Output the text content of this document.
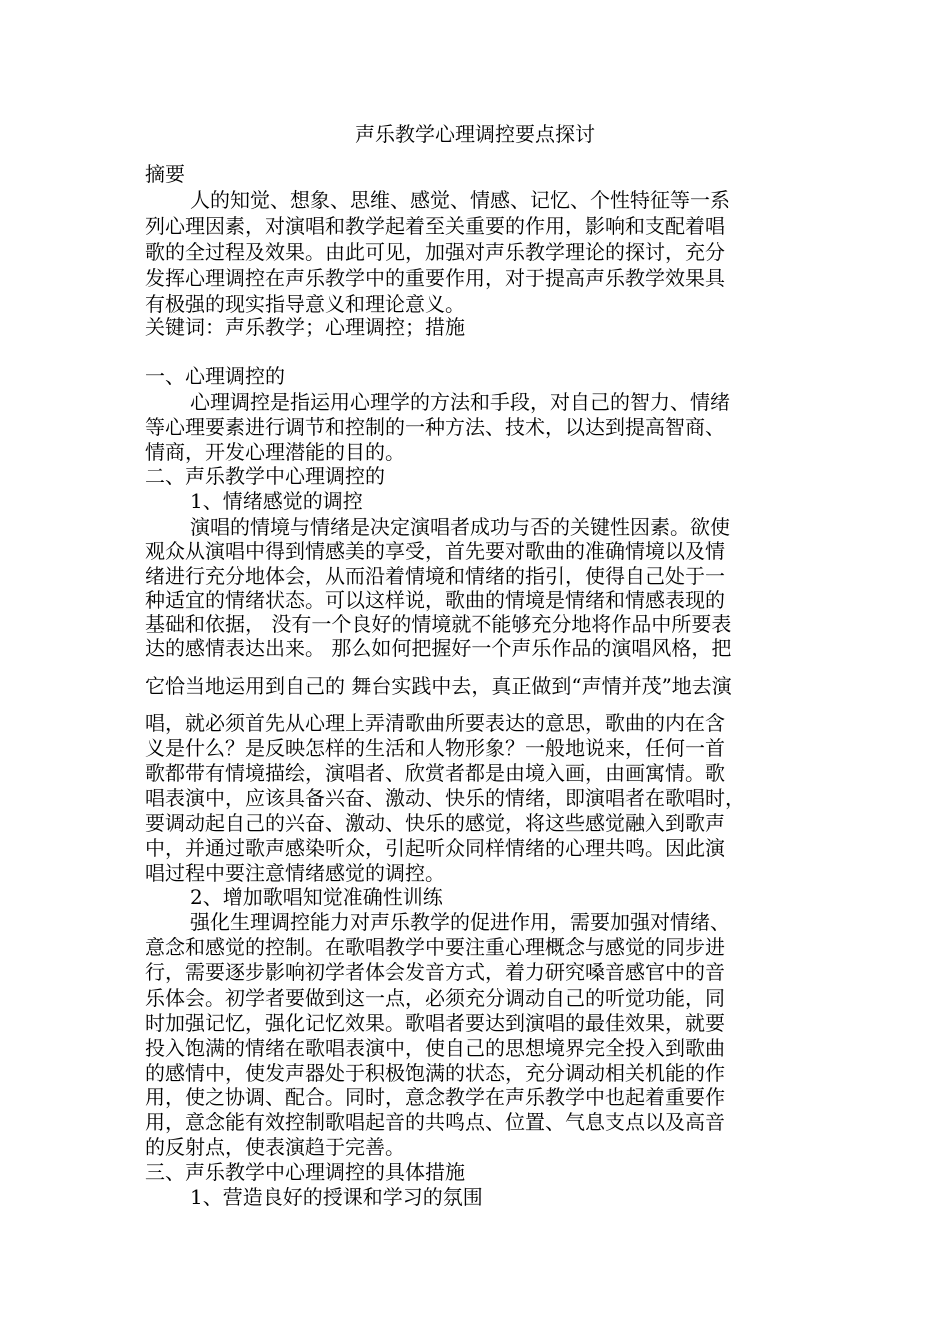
声乐教学心理调控要点探讨
摘要
人的知觉、想象、思维、感觉、情感、记忆、个性特征等一系
列心理因素，对演唱和教学起着至关重要的作用，影响和支配着唱
歌的全过程及效果。由此可见，加强对声乐教学理论的探讨，充分
发挥心理调控在声乐教学中的重要作用，对于提高声乐教学效果具
有极强的现实指导意义和理论意义。
关键词：声乐教学；心理调控；措施
一、心理调控的
心理调控是指运用心理学的方法和手段，对自己的智力、情绪
等心理要素进行调节和控制的一种方法、技术，以达到提高智商、
情商，开发心理潜能的目的。
二、声乐教学中心理调控的
1、情绪感觉的调控
演唱的情境与情绪是决定演唱者成功与否的关键性因素。欲使
观众从演唱中得到情感美的享受，首先要对歌曲的准确情境以及情
绪进行充分地体会，从而沿着情境和情绪的指引，使得自己处于一
种适宜的情绪状态。可以这样说，歌曲的情境是情绪和情感表现的
基础和依据， 没有一个良好的情境就不能够充分地将作品中所要表
达的感情表达出来。 那么如何把握好一个声乐作品的演唱风格，把
它恰当地运用到自己的 舞台实践中去，真正做到“声情并茂”地去演
唱，就必须首先从心理上弄清歌曲所要表达的意思，歌曲的内在含
义是什么？是反映怎样的生活和人物形象？一般地说来，任何一首
歌都带有情境描绘，演唱者、欣赏者都是由境入画，由画寓情。歌
唱表演中，应该具备兴奋、激动、快乐的情绪，即演唱者在歌唱时，
要调动起自己的兴奋、激动、快乐的感觉，将这些感觉融入到歌声
中，并通过歌声感染听众，引起听众同样情绪的心理共鸣。因此演
唱过程中要注意情绪感觉的调控。
2、增加歌唱知觉准确性训练
强化生理调控能力对声乐教学的促进作用，需要加强对情绪、
意念和感觉的控制。在歌唱教学中要注重心理概念与感觉的同步进
行，需要逐步影响初学者体会发音方式，着力研究嗓音感官中的音
乐体会。初学者要做到这一点，必须充分调动自己的听觉功能，同
时加强记忆，强化记忆效果。歌唱者要达到演唱的最佳效果，就要
投入饱满的情绪在歌唱表演中，使自己的思想境界完全投入到歌曲
的感情中，使发声器处于积极饱满的状态，充分调动相关机能的作
用，使之协调、配合。同时，意念教学在声乐教学中也起着重要作
用，意念能有效控制歌唱起音的共鸣点、位置、气息支点以及高音
的反射点，使表演趋于完善。
三、声乐教学中心理调控的具体措施
1、营造良好的授课和学习的氛围
